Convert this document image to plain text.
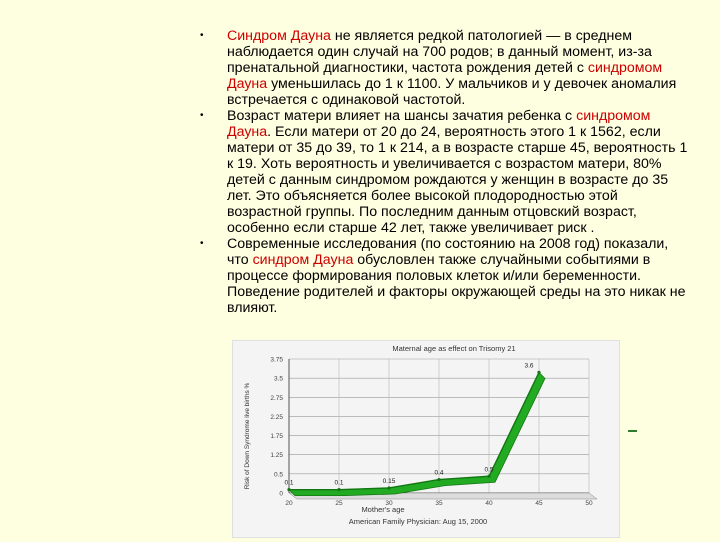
• Синдром Дауна не является редкой патологией — в среднем наблюдается один случай на 700 родов; в данный момент, из-за пренатальной диагностики, частота рождения детей с синдромом Дауна уменьшилась до 1 к 1100. У мальчиков и у девочек аномалия встречается с одинаковой частотой.
• Возраст матери влияет на шансы зачатия ребенка с синдромом Дауна. Если матери от 20 до 24, вероятность этого 1 к 1562, если матери от 35 до 39, то 1 к 214, а в возрасте старше 45, вероятность 1 к 19. Хоть вероятность и увеличивается с возрастом матери, 80% детей с данным синдромом рождаются у женщин в возрасте до 35 лет. Это объясняется более высокой плодородностью этой возрастной группы. По последним данным отцовский возраст, особенно если старше 42 лет, также увеличивает риск .
• Современные исследования (по состоянию на 2008 год) показали, что синдром Дауна обусловлен также случайными событиями в процессе формирования половых клеток и/или беременности. Поведение родителей и факторы окружающей среды на это никак не влияют.
Maternal age as effect on Trisomy 21
Mother's age
American Family Physician: Aug 15, 2000
Risk of Down Syndrome live births %
0
0.5
1.25
1.75
2.25
2.75
3.5
3.75
20	25	30	35	40	45	50
0.1	0.1	0.15
0.4	0.5
3.6
